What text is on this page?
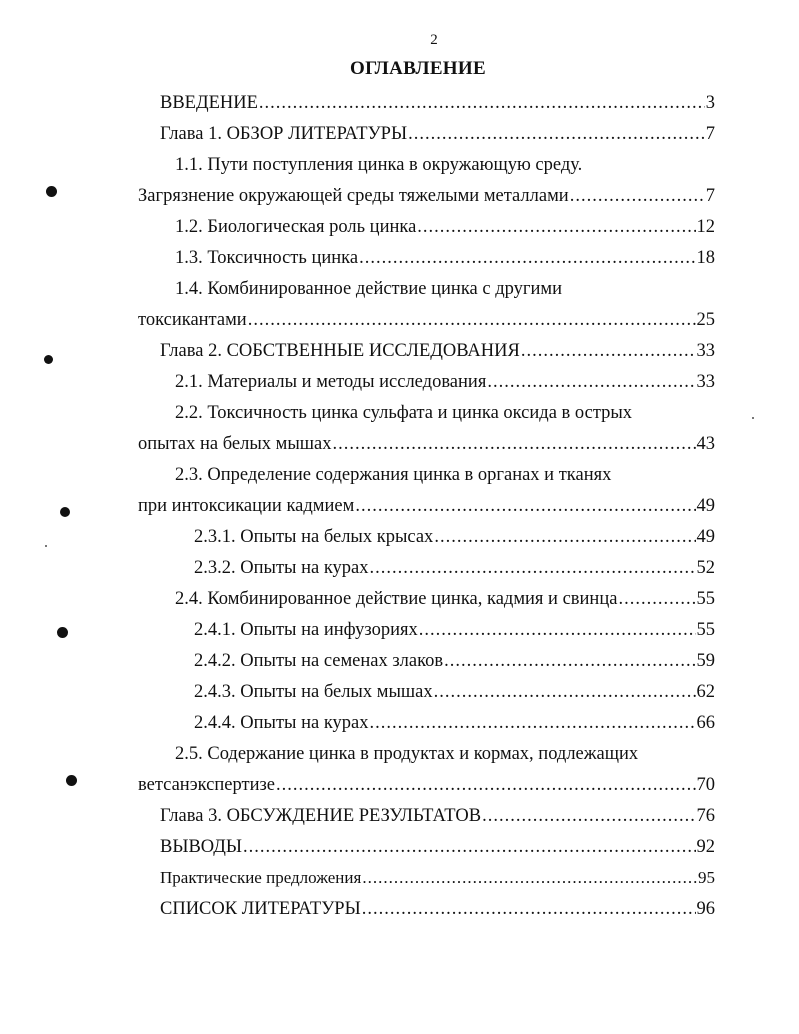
2
ОГЛАВЛЕНИЕ
ВВЕДЕНИЕ .....	3
Глава 1. ОБЗОР ЛИТЕРАТУРЫ .....	7
1.1. Пути поступления цинка в окружающую среду.
Загрязнение окружающей среды тяжелыми металлами .....	7
1.2. Биологическая роль цинка .....	12
1.3. Токсичность цинка .....	18
1.4. Комбинированное действие цинка с другими
токсикантами .....	25
Глава 2. СОБСТВЕННЫЕ ИССЛЕДОВАНИЯ .....	33
2.1. Материалы и методы исследования .....	33
2.2. Токсичность цинка сульфата и цинка оксида в острых
опытах на белых мышах .....	43
2.3. Определение содержания цинка в органах и тканях
при интоксикации кадмием .....	49
2.3.1. Опыты на белых крысах .....	49
2.3.2. Опыты на курах .....	52
2.4. Комбинированное действие цинка, кадмия и свинца .....	55
2.4.1. Опыты на инфузориях .....	55
2.4.2. Опыты на семенах злаков .....	59
2.4.3. Опыты на белых мышах .....	62
2.4.4. Опыты на курах .....	66
2.5. Содержание цинка в продуктах и кормах, подлежащих
ветсанэкспертизе .....	70
Глава 3. ОБСУЖДЕНИЕ РЕЗУЛЬТАТОВ .....	76
ВЫВОДЫ .....	92
Практические предложения .....	95
СПИСОК ЛИТЕРАТУРЫ .....	96
